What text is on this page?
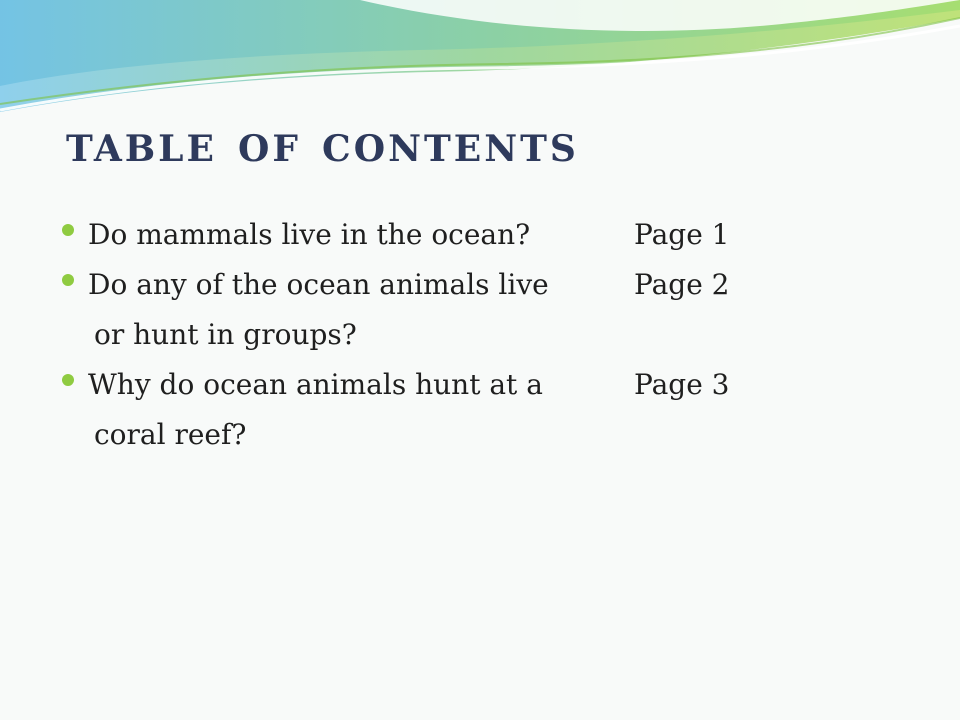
table of contents
Do mammals live in the ocean?	Page 1
Do any of the ocean animals live
or hunt in groups?
Page 2
Why do ocean animals hunt at a
coral reef?
Page 3
